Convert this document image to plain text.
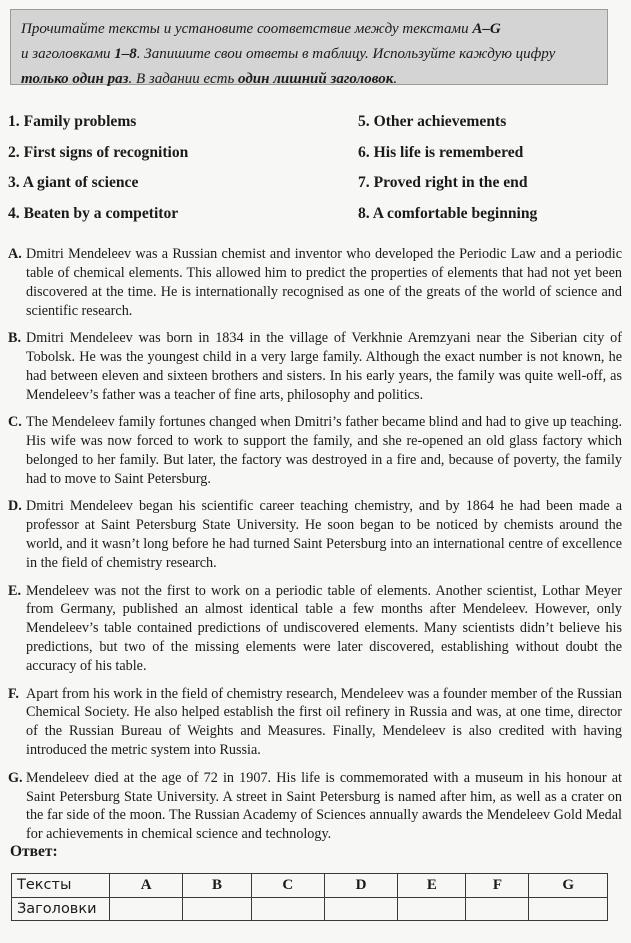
Прочитайте тексты и установите соответствие между текстами A–G
и заголовками 1–8. Запишите свои ответы в таблицу. Используйте каждую цифру
только один раз. В задании есть один лишний заголовок.
1. Family problems
2. First signs of recognition
3. A giant of science
4. Beaten by a competitor
5. Other achievements
6. His life is remembered
7. Proved right in the end
8. A comfortable beginning
A. Dmitri Mendeleev was a Russian chemist and inventor who developed the Periodic Law and a periodic table of chemical elements. This allowed him to predict the properties of elements that had not yet been discovered at the time. He is internationally recognised as one of the greats of the world of science and scientific research.
B. Dmitri Mendeleev was born in 1834 in the village of Verkhnie Aremzyani near the Siberian city of Tobolsk. He was the youngest child in a very large family. Although the exact number is not known, he had between eleven and sixteen brothers and sisters. In his early years, the family was quite well-off, as Mendeleev’s father was a teacher of fine arts, philosophy and politics.
C. The Mendeleev family fortunes changed when Dmitri’s father became blind and had to give up teaching. His wife was now forced to work to support the family, and she re-opened an old glass factory which belonged to her family. But later, the factory was destroyed in a fire and, because of poverty, the family had to move to Saint Petersburg.
D. Dmitri Mendeleev began his scientific career teaching chemistry, and by 1864 he had been made a professor at Saint Petersburg State University. He soon began to be noticed by chemists around the world, and it wasn’t long before he had turned Saint Petersburg into an international centre of excellence in the field of chemistry research.
E. Mendeleev was not the first to work on a periodic table of elements. Another scientist, Lothar Meyer from Germany, published an almost identical table a few months after Mendeleev. However, only Mendeleev’s table contained predictions of undiscovered elements. Many scientists didn’t believe his predictions, but two of the missing elements were later discovered, establishing without doubt the accuracy of his table.
F. Apart from his work in the field of chemistry research, Mendeleev was a founder member of the Russian Chemical Society. He also helped establish the first oil refinery in Russia and was, at one time, director of the Russian Bureau of Weights and Measures. Finally, Mendeleev is also credited with having introduced the metric system into Russia.
G. Mendeleev died at the age of 72 in 1907. His life is commemorated with a museum in his honour at Saint Petersburg State University. A street in Saint Petersburg is named after him, as well as a crater on the far side of the moon. The Russian Academy of Sciences annually awards the Mendeleev Gold Medal for achievements in chemical science and technology.
Ответ:
Тексты	A	B	C	D	E	F	G
Заголовки							
